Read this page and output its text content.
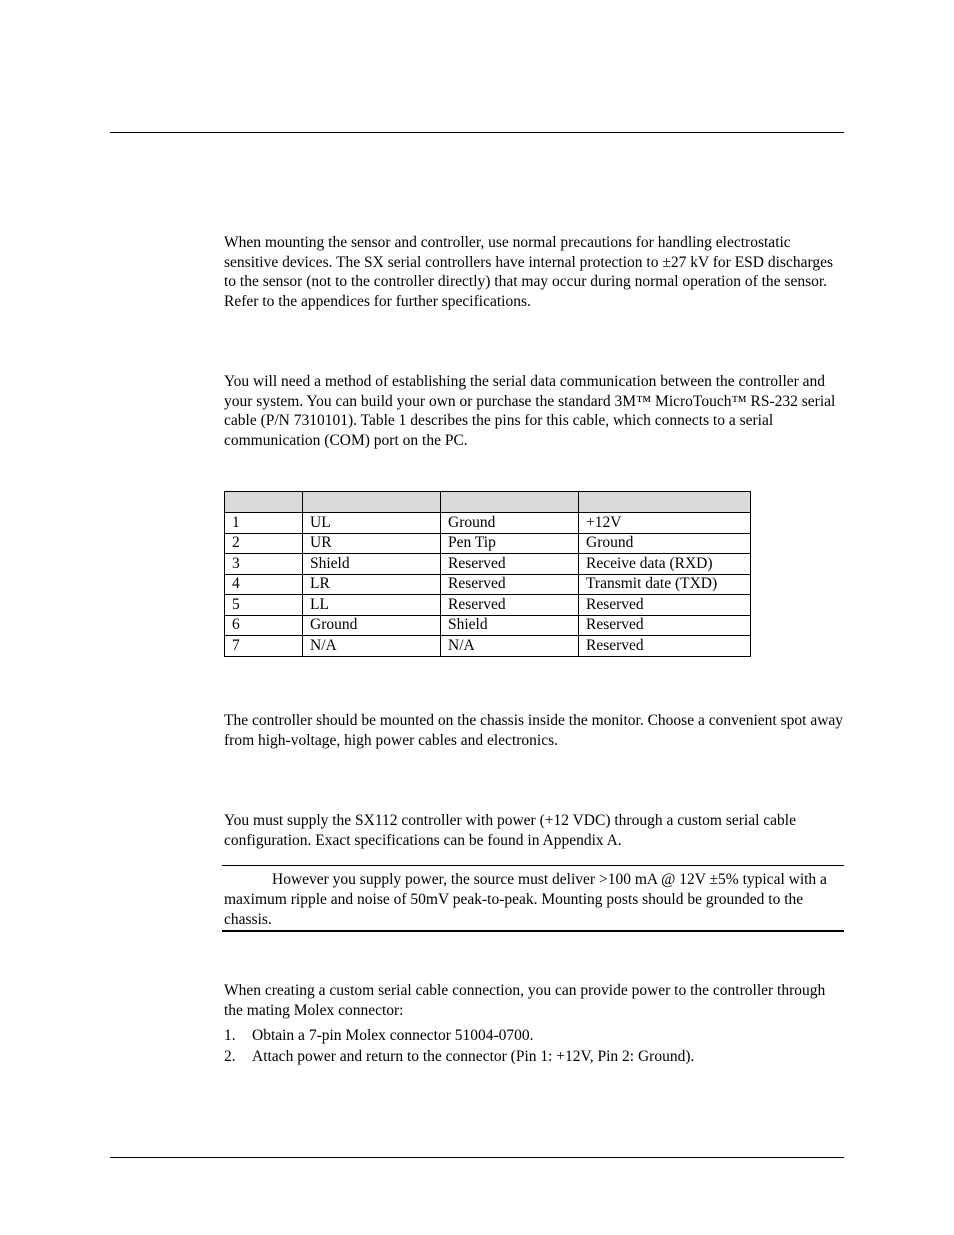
When mounting the sensor and controller, use normal precautions for handling electrostatic sensitive devices. The SX serial controllers have internal protection to ±27 kV for ESD discharges to the sensor (not to the controller directly) that may occur during normal operation of the sensor. Refer to the appendices for further specifications.

You will need a method of establishing the serial data communication between the controller and your system. You can build your own or purchase the standard 3M™ MicroTouch™ RS-232 serial cable (P/N 7310101). Table 1 describes the pins for this cable, which connects to a serial communication (COM) port on the PC.

1	UL	Ground	+12V
2	UR	Pen Tip	Ground
3	Shield	Reserved	Receive data (RXD)
4	LR	Reserved	Transmit date (TXD)
5	LL	Reserved	Reserved
6	Ground	Shield	Reserved
7	N/A	N/A	Reserved

The controller should be mounted on the chassis inside the monitor. Choose a convenient spot away from high-voltage, high power cables and electronics.

You must supply the SX112 controller with power (+12 VDC) through a custom serial cable configuration. Exact specifications can be found in Appendix A.

However you supply power, the source must deliver >100 mA @ 12V ±5% typical with a maximum ripple and noise of 50mV peak-to-peak. Mounting posts should be grounded to the chassis.

When creating a custom serial cable connection, you can provide power to the controller through the mating Molex connector:

1. Obtain a 7-pin Molex connector 51004-0700.
2. Attach power and return to the connector (Pin 1: +12V, Pin 2: Ground).
